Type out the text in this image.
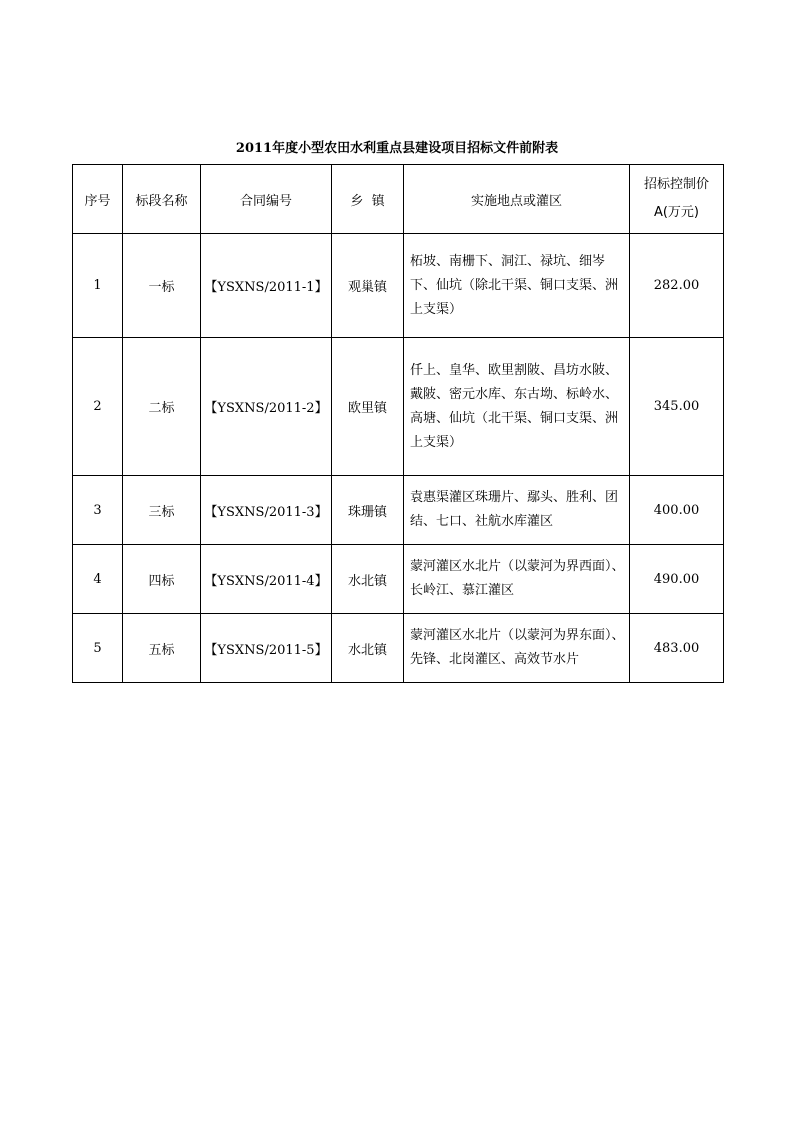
2011年度小型农田水利重点县建设项目招标文件前附表
序号	标段名称	合同编号	乡  镇	实施地点或灌区	招标控制价
A(万元)

1	一标	【YSXNS/2011-1】	观巢镇	柘坡、南栅下、洞江、禄坑、细岑下、仙坑（除北干渠、铜口支渠、洲上支渠）	282.00
2	二标	【YSXNS/2011-2】	欧里镇	仟上、皇华、欧里割陂、昌坊水陂、戴陂、密元水库、东古坳、标岭水、高塘、仙坑（北干渠、铜口支渠、洲上支渠）	345.00
3	三标	【YSXNS/2011-3】	珠珊镇	袁惠渠灌区珠珊片、鄢头、胜利、团结、七口、社航水库灌区	400.00
4	四标	【YSXNS/2011-4】	水北镇	蒙河灌区水北片（以蒙河为界西面）、长岭江、慕江灌区	490.00
5	五标	【YSXNS/2011-5】	水北镇	蒙河灌区水北片（以蒙河为界东面）、先锋、北岗灌区、高效节水片	483.00
